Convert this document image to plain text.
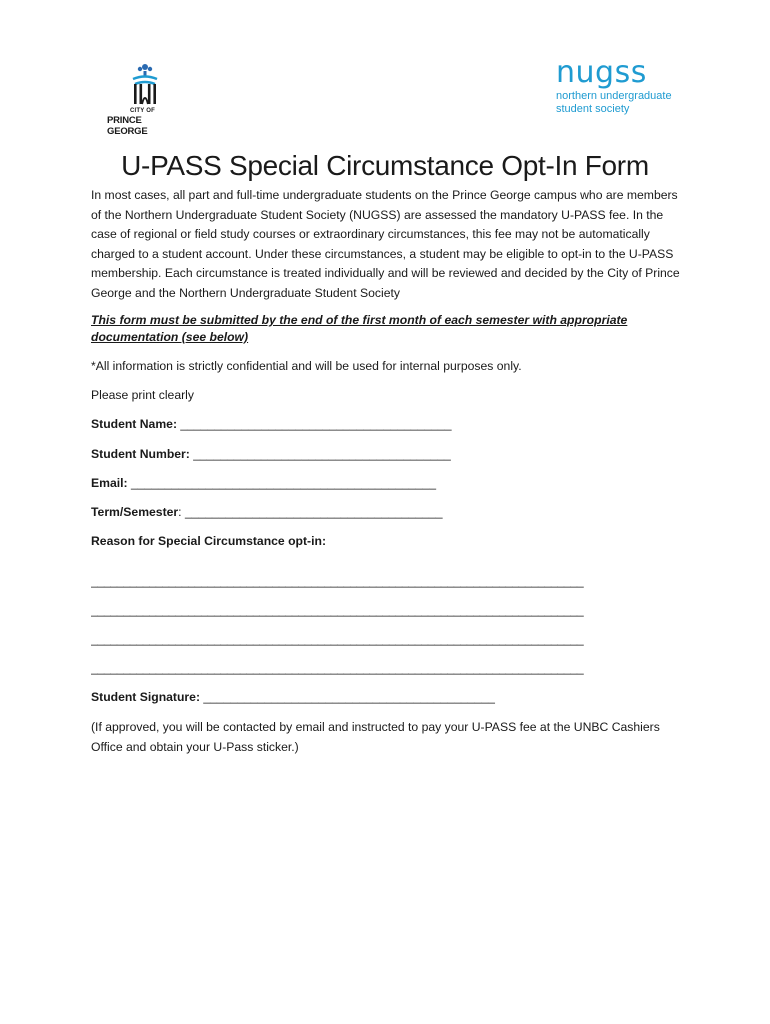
CITY OF
PRINCE GEORGE
nugss
northern undergraduate
student society
U-PASS Special Circumstance Opt-In Form

In most cases, all part and full-time undergraduate students on the Prince George campus who are members of the Northern Undergraduate Student Society (NUGSS) are assessed the mandatory U-PASS fee. In the case of regional or field study courses or extraordinary circumstances, this fee may not be automatically charged to a student account. Under these circumstances, a student may be eligible to opt-in to the U-PASS membership. Each circumstance is treated individually and will be reviewed and decided by the City of Prince George and the Northern Undergraduate Student Society

This form must be submitted by the end of the first month of each semester with appropriate documentation (see below)

*All information is strictly confidential and will be used for internal purposes only.

Please print clearly

Student Name: ________________________________________

Student Number: ______________________________________

Email: _____________________________________________

Term/Semester: ______________________________________

Reason for Special Circumstance opt-in:

____________________________________________________________________________

____________________________________________________________________________

____________________________________________________________________________

____________________________________________________________________________

Student Signature: ___________________________________________

(If approved, you will be contacted by email and instructed to pay your U-PASS fee at the UNBC Cashiers Office and obtain your U-Pass sticker.)
